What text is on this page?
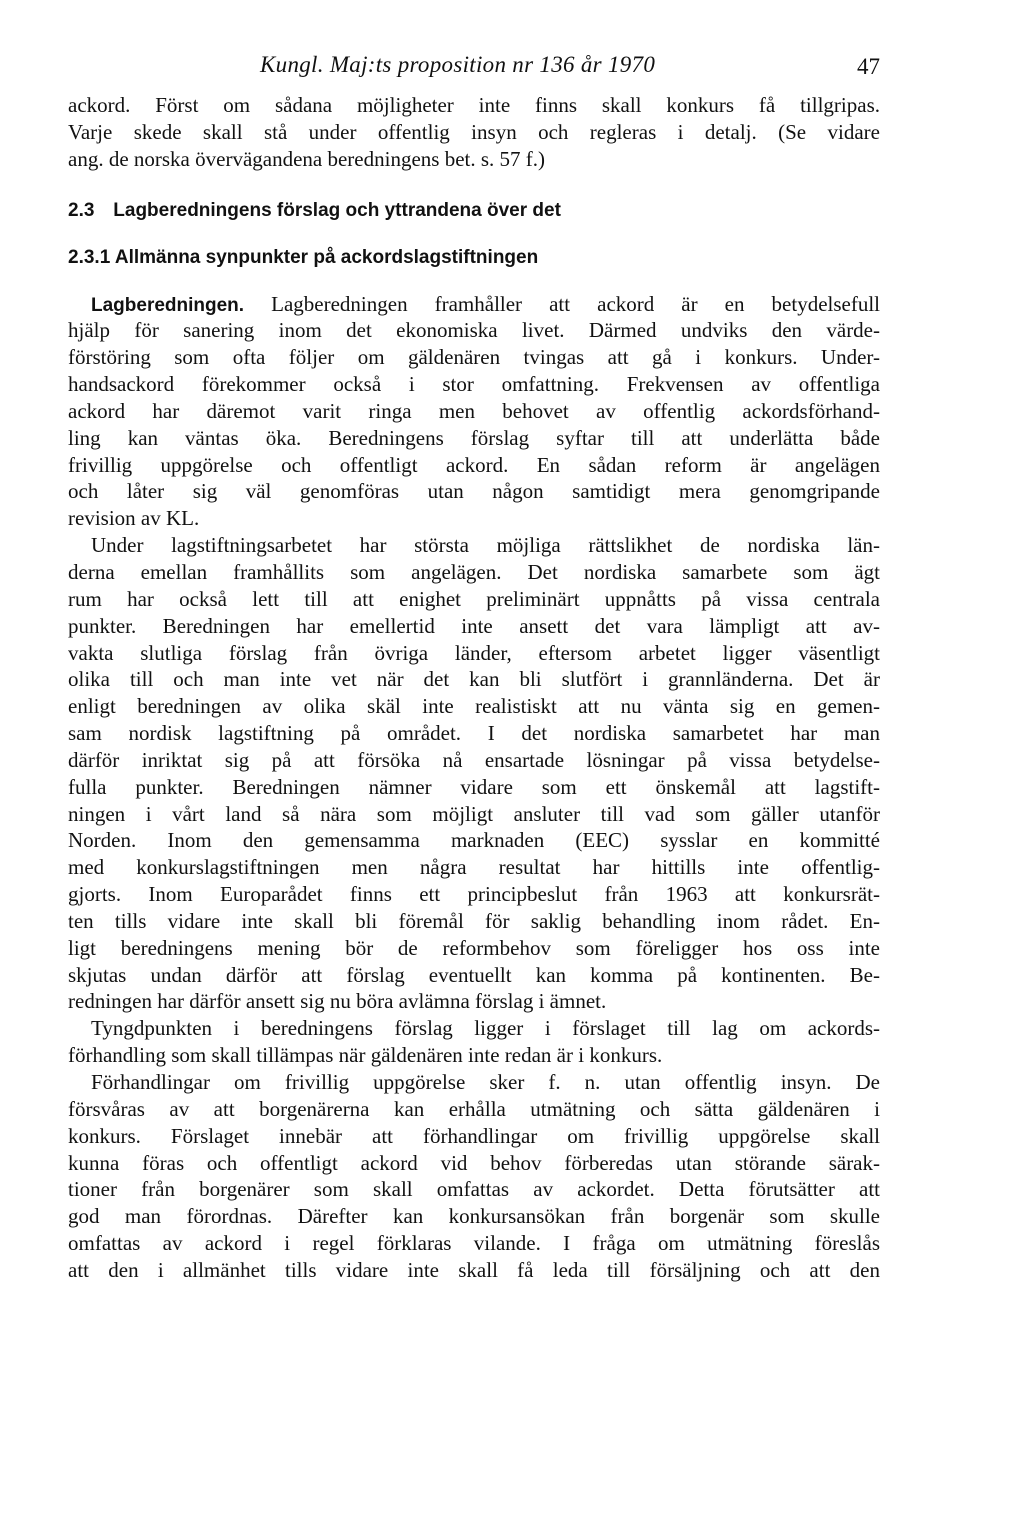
Kungl. Maj:ts proposition nr 136 år 1970	47
ackord. Först om sådana möjligheter inte finns skall konkurs få tillgripas.
Varje skede skall stå under offentlig insyn och regleras i detalj. (Se vidare
ang. de norska övervägandena beredningens bet. s. 57 f.)
2.3 Lagberedningens förslag och yttrandena över det
2.3.1 Allmänna synpunkter på ackordslagstiftningen
Lagberedningen. Lagberedningen framhåller att ackord är en betydelsefull
hjälp för sanering inom det ekonomiska livet. Därmed undviks den värde-
förstöring som ofta följer om gäldenären tvingas att gå i konkurs. Under-
handsackord förekommer också i stor omfattning. Frekvensen av offentliga
ackord har däremot varit ringa men behovet av offentlig ackordsförhand-
ling kan väntas öka. Beredningens förslag syftar till att underlätta både
frivillig uppgörelse och offentligt ackord. En sådan reform är angelägen
och låter sig väl genomföras utan någon samtidigt mera genomgripande
revision av KL.
Under lagstiftningsarbetet har största möjliga rättslikhet de nordiska län-
derna emellan framhållits som angelägen. Det nordiska samarbete som ägt
rum har också lett till att enighet preliminärt uppnåtts på vissa centrala
punkter. Beredningen har emellertid inte ansett det vara lämpligt att av-
vakta slutliga förslag från övriga länder, eftersom arbetet ligger väsentligt
olika till och man inte vet när det kan bli slutfört i grannländerna. Det är
enligt beredningen av olika skäl inte realistiskt att nu vänta sig en gemen-
sam nordisk lagstiftning på området. I det nordiska samarbetet har man
därför inriktat sig på att försöka nå ensartade lösningar på vissa betydelse-
fulla punkter. Beredningen nämner vidare som ett önskemål att lagstift-
ningen i vårt land så nära som möjligt ansluter till vad som gäller utanför
Norden. Inom den gemensamma marknaden (EEC) sysslar en kommitté
med konkurslagstiftningen men några resultat har hittills inte offentlig-
gjorts. Inom Europarådet finns ett principbeslut från 1963 att konkursrät-
ten tills vidare inte skall bli föremål för saklig behandling inom rådet. En-
ligt beredningens mening bör de reformbehov som föreligger hos oss inte
skjutas undan därför att förslag eventuellt kan komma på kontinenten. Be-
redningen har därför ansett sig nu böra avlämna förslag i ämnet.
Tyngdpunkten i beredningens förslag ligger i förslaget till lag om ackords-
förhandling som skall tillämpas när gäldenären inte redan är i konkurs.
Förhandlingar om frivillig uppgörelse sker f. n. utan offentlig insyn. De
försvåras av att borgenärerna kan erhålla utmätning och sätta gäldenären i
konkurs. Förslaget innebär att förhandlingar om frivillig uppgörelse skall
kunna föras och offentligt ackord vid behov förberedas utan störande särak-
tioner från borgenärer som skall omfattas av ackordet. Detta förutsätter att
god man förordnas. Därefter kan konkursansökan från borgenär som skulle
omfattas av ackord i regel förklaras vilande. I fråga om utmätning föreslås
att den i allmänhet tills vidare inte skall få leda till försäljning och att den
